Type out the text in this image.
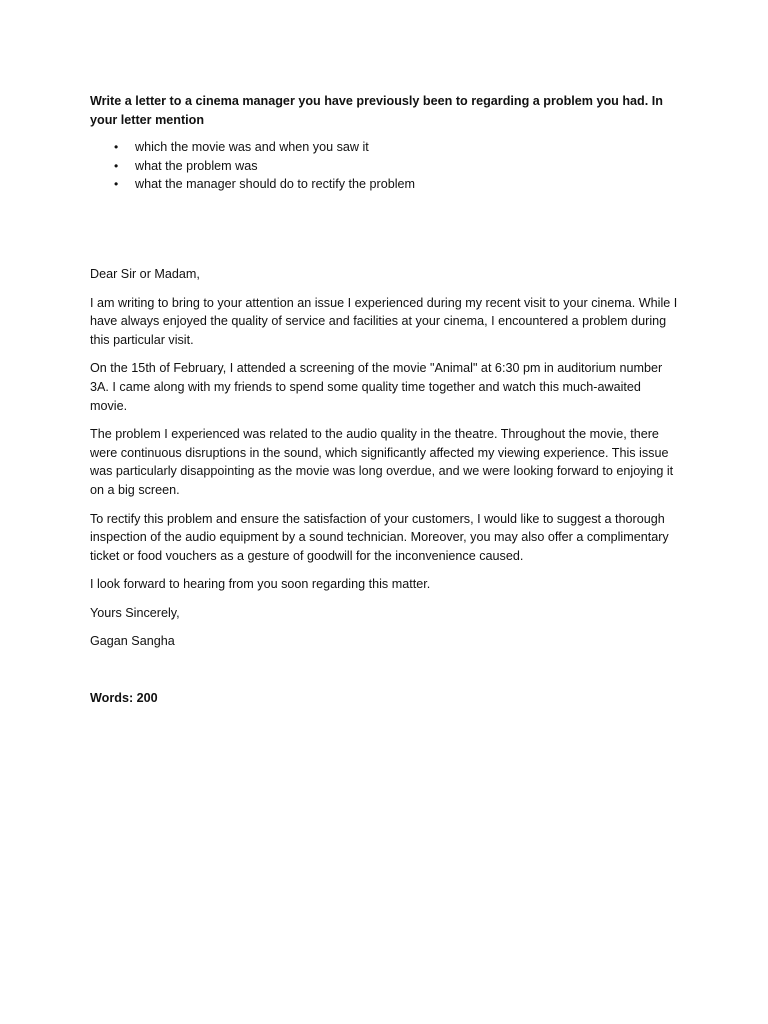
Write a letter to a cinema manager you have previously been to regarding a problem you had. In your letter mention

• which the movie was and when you saw it
• what the problem was
• what the manager should do to rectify the problem

Dear Sir or Madam,

I am writing to bring to your attention an issue I experienced during my recent visit to your cinema. While I have always enjoyed the quality of service and facilities at your cinema, I encountered a problem during this particular visit.

On the 15th of February, I attended a screening of the movie "Animal" at 6:30 pm in auditorium number 3A. I came along with my friends to spend some quality time together and watch this much-awaited movie.

The problem I experienced was related to the audio quality in the theatre. Throughout the movie, there were continuous disruptions in the sound, which significantly affected my viewing experience. This issue was particularly disappointing as the movie was long overdue, and we were looking forward to enjoying it on a big screen.

To rectify this problem and ensure the satisfaction of your customers, I would like to suggest a thorough inspection of the audio equipment by a sound technician. Moreover, you may also offer a complimentary ticket or food vouchers as a gesture of goodwill for the inconvenience caused.

I look forward to hearing from you soon regarding this matter.

Yours Sincerely,

Gagan Sangha

Words: 200
